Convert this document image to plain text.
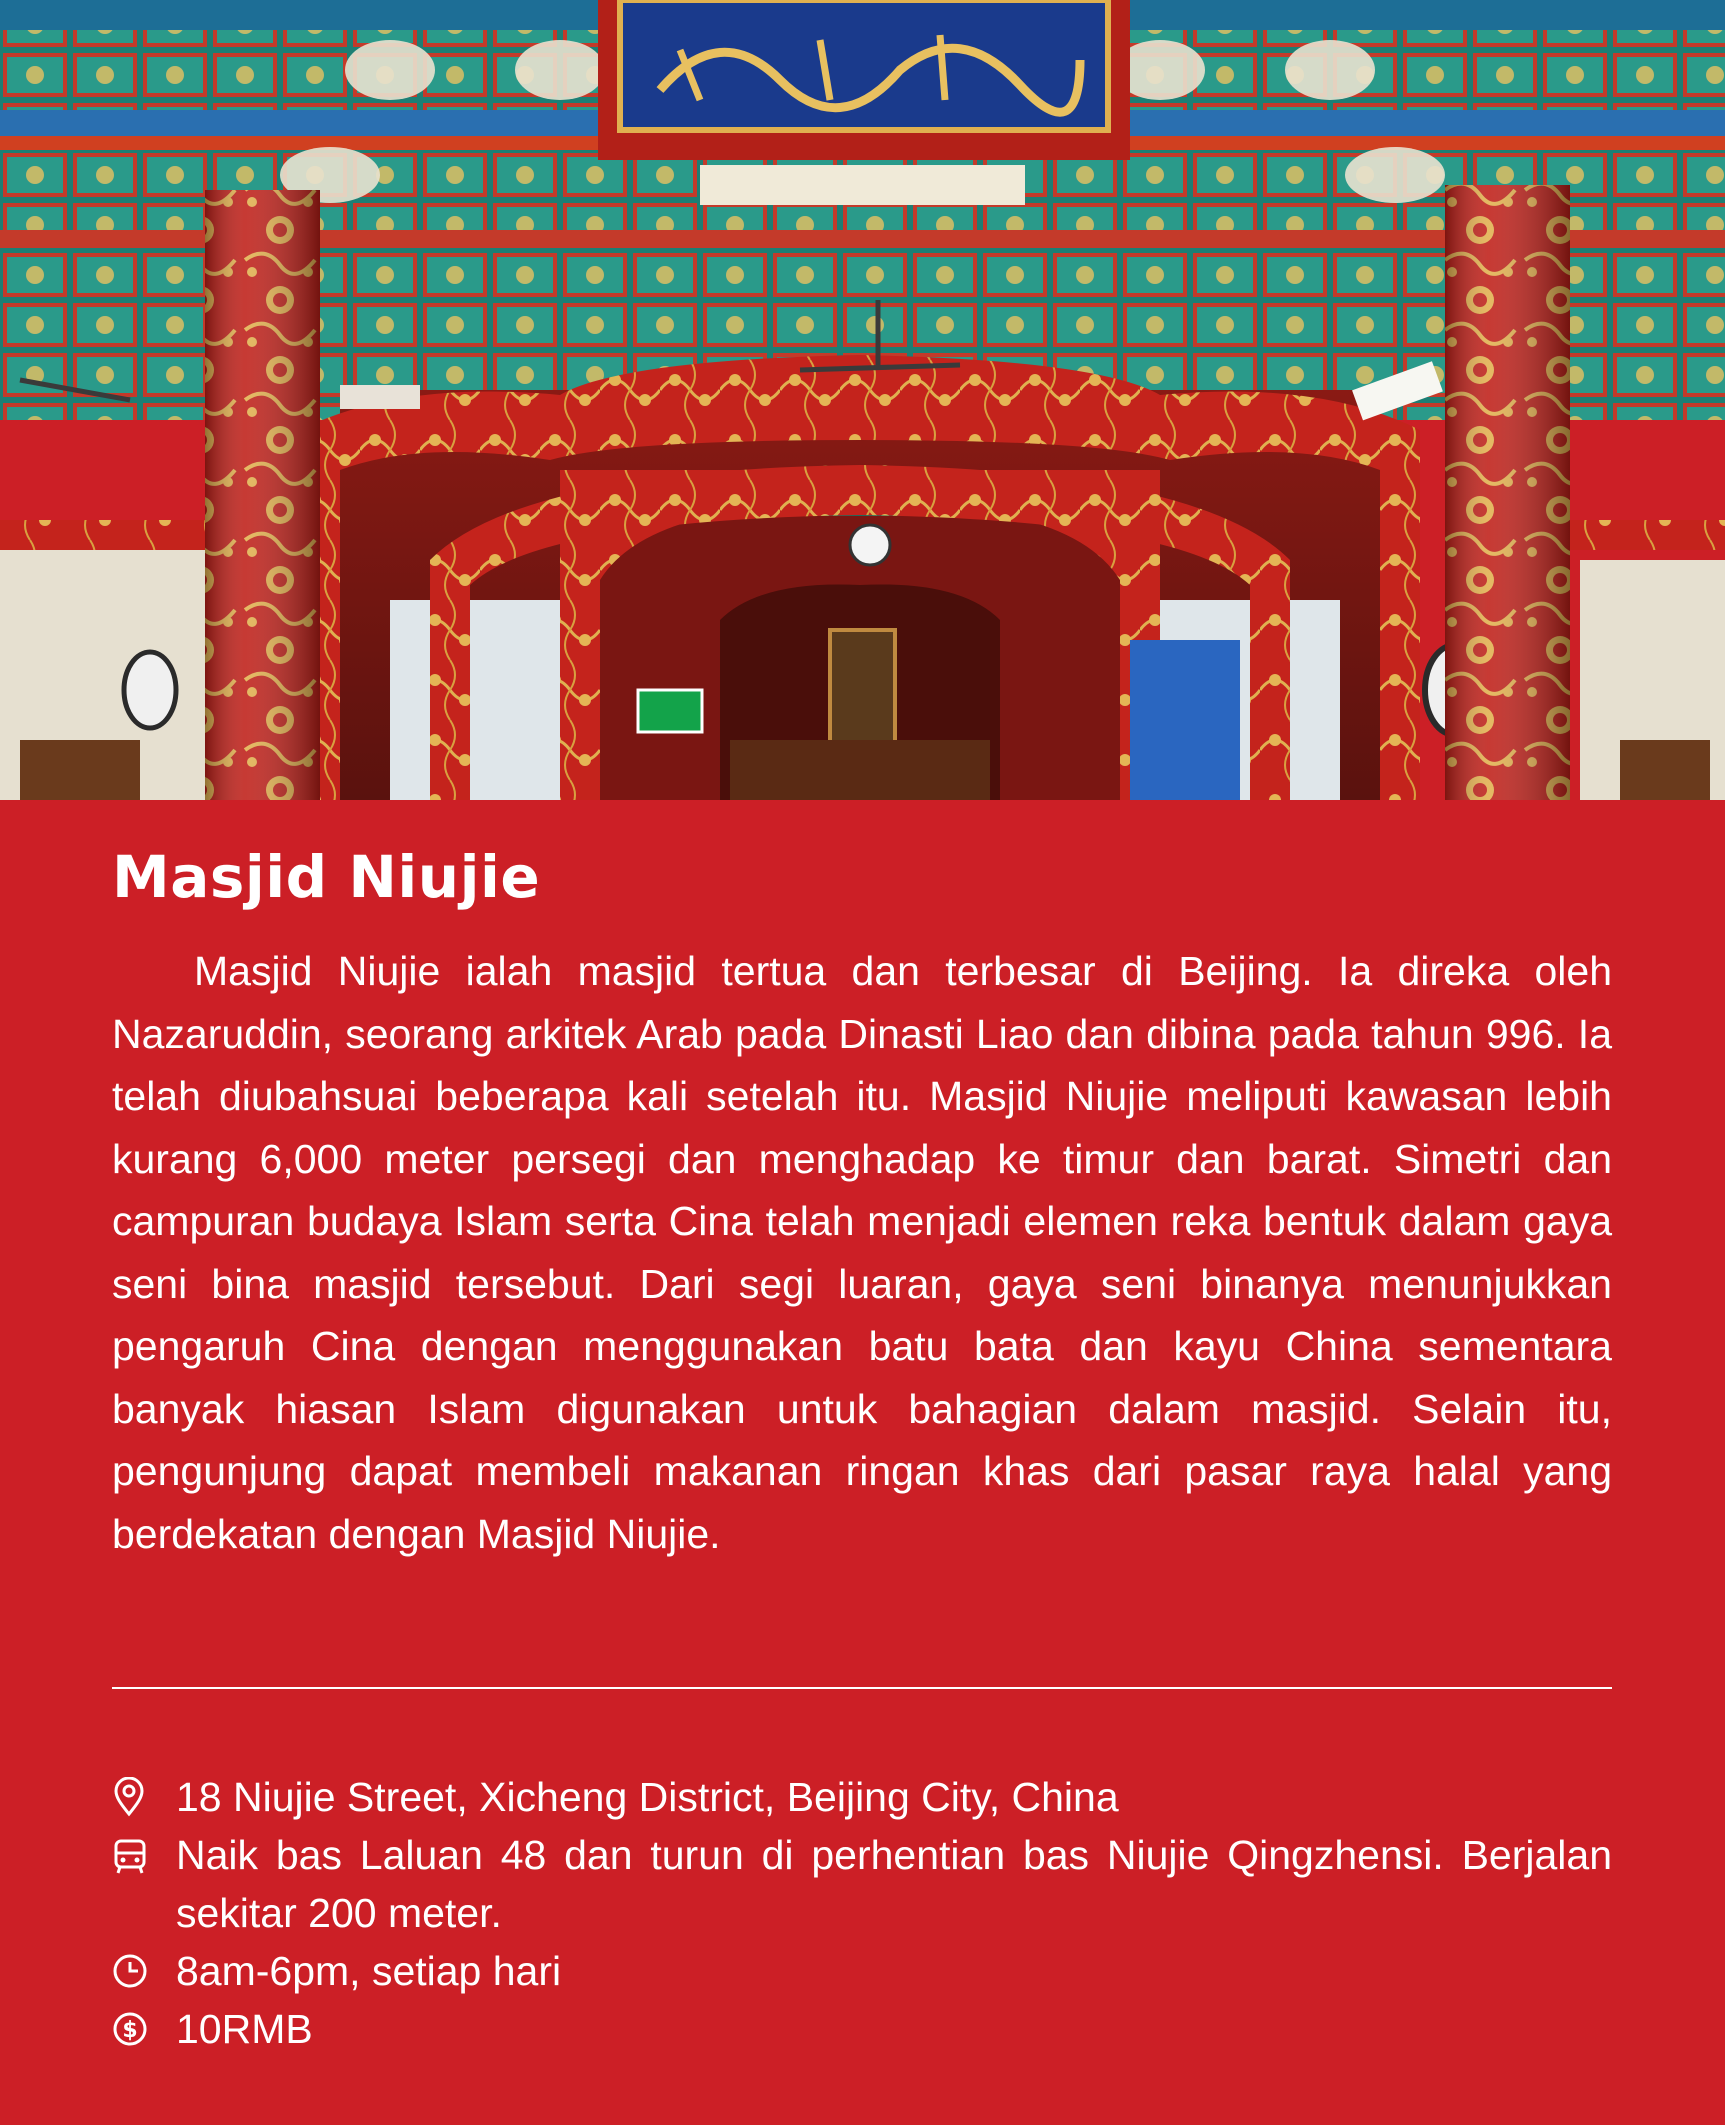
Masjid Niujie

Masjid Niujie ialah masjid tertua dan terbesar di Beijing. Ia direka oleh Nazaruddin, seorang arkitek Arab pada Dinasti Liao dan dibina pada tahun 996. Ia telah diubahsuai beberapa kali setelah itu. Masjid Niujie meliputi kawasan lebih kurang 6,000 meter persegi dan menghadap ke timur dan barat. Simetri dan campuran budaya Islam serta Cina telah menjadi elemen reka bentuk dalam gaya seni bina masjid tersebut. Dari segi luaran, gaya seni binanya menunjukkan pengaruh Cina dengan menggunakan batu bata dan kayu China sementara banyak hiasan Islam digunakan untuk bahagian dalam masjid. Selain itu, pengunjung dapat membeli makanan ringan khas dari pasar raya halal yang berdekatan dengan Masjid Niujie.

18 Niujie Street, Xicheng District, Beijing City, China
Naik bas Laluan 48 dan turun di perhentian bas Niujie Qingzhensi. Berjalan sekitar 200 meter.
8am-6pm, setiap hari
$ 10RMB
